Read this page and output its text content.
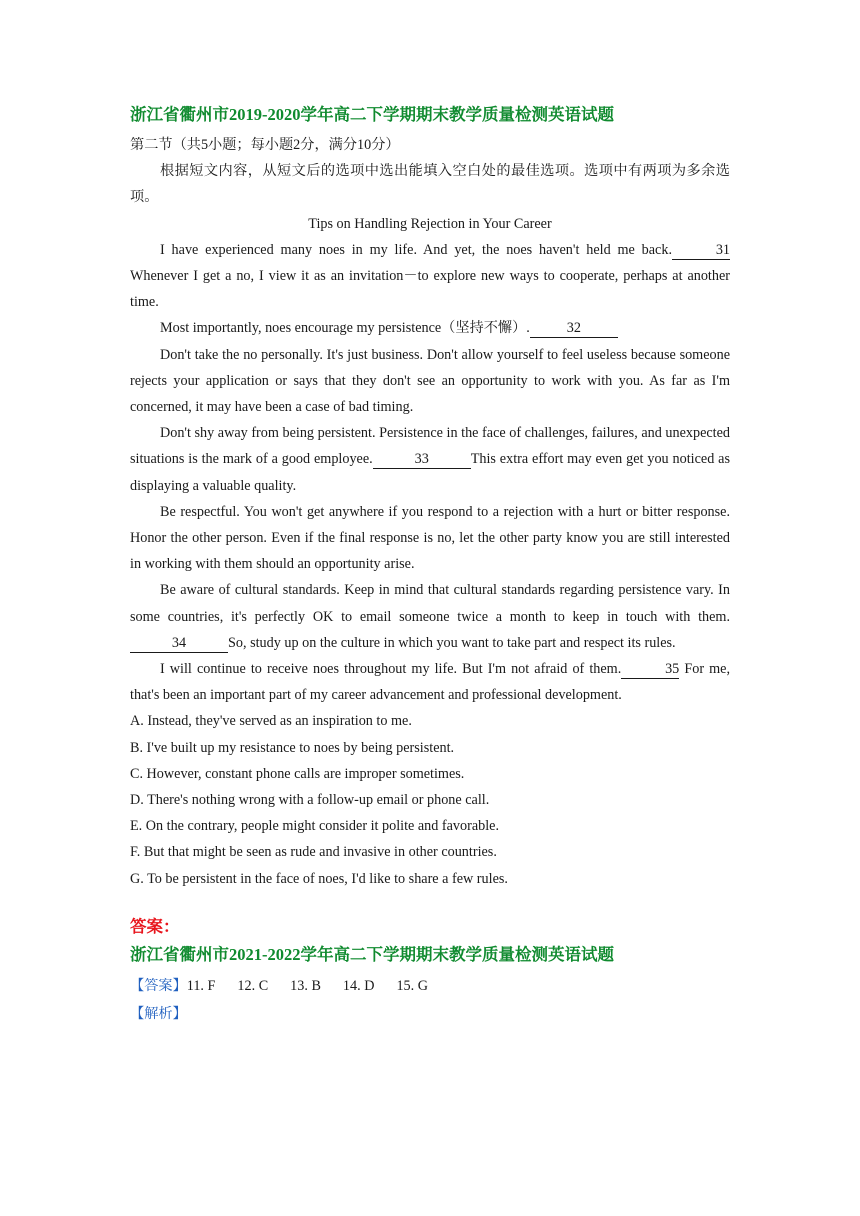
浙江省衢州市2019-2020学年高二下学期期末教学质量检测英语试题
第二节（共5小题；每小题2分，满分10分）

根据短文内容，从短文后的选项中选出能填入空白处的最佳选项。选项中有两项为多余选项。

Tips on Handling Rejection in Your Career

I have experienced many noes in my life. And yet, the noes haven't held me back.	31 Whenever I get a no, I view it as an invitation－to explore new ways to cooperate, perhaps at another time.

Most importantly, noes encourage my persistence（坚持不懈）.	32

Don't take the no personally. It's just business. Don't allow yourself to feel useless because someone rejects your application or says that they don't see an opportunity to work with you. As far as I'm concerned, it may have been a case of bad timing.

Don't shy away from being persistent. Persistence in the face of challenges, failures, and unexpected situations is the mark of a good employee.	33	This extra effort may even get you noticed as displaying a valuable quality.

Be respectful. You won't get anywhere if you respond to a rejection with a hurt or bitter response. Honor the other person. Even if the final response is no, let the other party know you are still interested in working with them should an opportunity arise.

Be aware of cultural standards. Keep in mind that cultural standards regarding persistence vary. In some countries, it's perfectly OK to email someone twice a month to keep in touch with them.34	So, study up on the culture in which you want to take part and respect its rules.

I will continue to receive noes throughout my life. But I'm not afraid of them.	35 For me, that's been an important part of my career advancement and professional development.

A. Instead, they've served as an inspiration to me.
B. I've built up my resistance to noes by being persistent.
C. However, constant phone calls are improper sometimes.
D. There's nothing wrong with a follow-up email or phone call.
E. On the contrary, people might consider it polite and favorable.
F. But that might be seen as rude and invasive in other countries.
G. To be persistent in the face of noes, I'd like to share a few rules.
答案：
浙江省衢州市2021-2022学年高二下学期期末教学质量检测英语试题
【答案】11. F 12. C 13. B 14. D 15. G
【解析】
